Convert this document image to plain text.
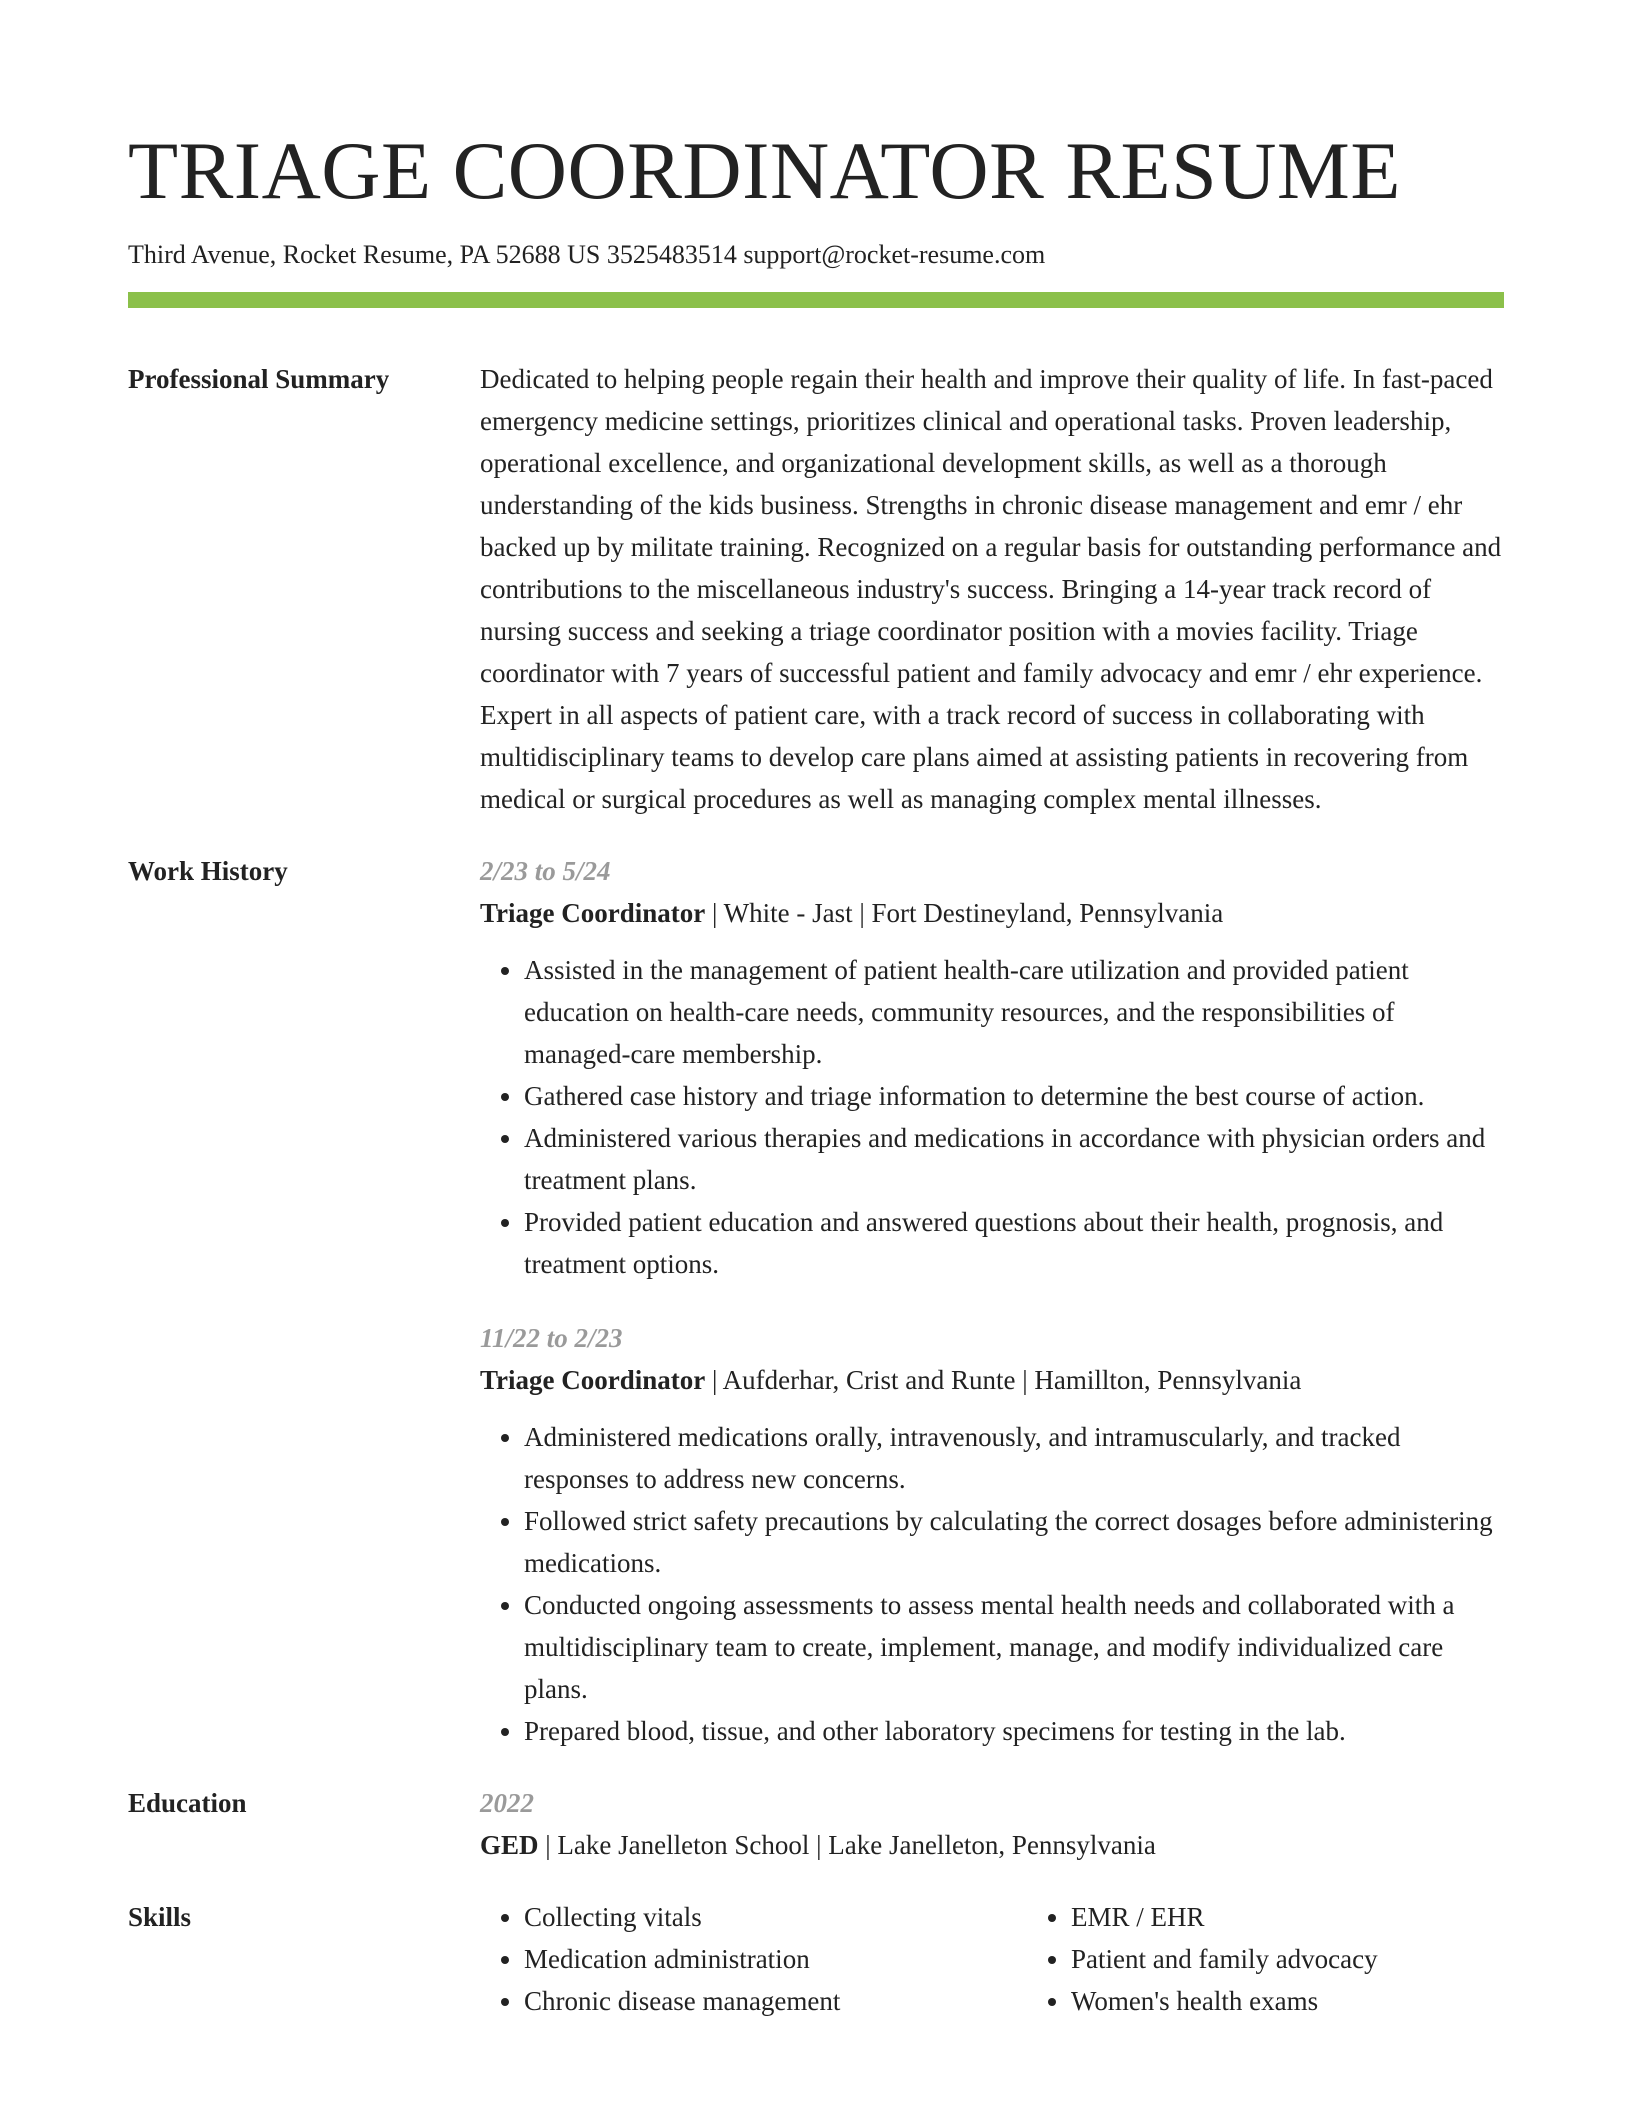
TRIAGE COORDINATOR RESUME
Third Avenue, Rocket Resume, PA 52688 US 3525483514 support@rocket-resume.com
Professional Summary	Dedicated to helping people regain their health and improve their quality of life. In fast-paced emergency medicine settings, prioritizes clinical and operational tasks. Proven leadership, operational excellence, and organizational development skills, as well as a thorough understanding of the kids business. Strengths in chronic disease management and emr / ehr backed up by militate training. Recognized on a regular basis for outstanding performance and contributions to the miscellaneous industry's success. Bringing a 14-year track record of nursing success and seeking a triage coordinator position with a movies facility. Triage coordinator with 7 years of successful patient and family advocacy and emr / ehr experience. Expert in all aspects of patient care, with a track record of success in collaborating with multidisciplinary teams to develop care plans aimed at assisting patients in recovering from medical or surgical procedures as well as managing complex mental illnesses.

Work History	2/23 to 5/24
Triage Coordinator | White - Jast | Fort Destineyland, Pennsylvania
• Assisted in the management of patient health-care utilization and provided patient education on health-care needs, community resources, and the responsibilities of managed-care membership.
• Gathered case history and triage information to determine the best course of action.
• Administered various therapies and medications in accordance with physician orders and treatment plans.
• Provided patient education and answered questions about their health, prognosis, and treatment options.
11/22 to 2/23
Triage Coordinator | Aufderhar, Crist and Runte | Hamillton, Pennsylvania
• Administered medications orally, intravenously, and intramuscularly, and tracked responses to address new concerns.
• Followed strict safety precautions by calculating the correct dosages before administering medications.
• Conducted ongoing assessments to assess mental health needs and collaborated with a multidisciplinary team to create, implement, manage, and modify individualized care plans.
• Prepared blood, tissue, and other laboratory specimens for testing in the lab.
Education	2022
GED | Lake Janelleton School | Lake Janelleton, Pennsylvania
Skills
•	Collecting vitals
• Medication administration
• Chronic disease management
• EMR / EHR
• Patient and family advocacy
• Women's health exams
